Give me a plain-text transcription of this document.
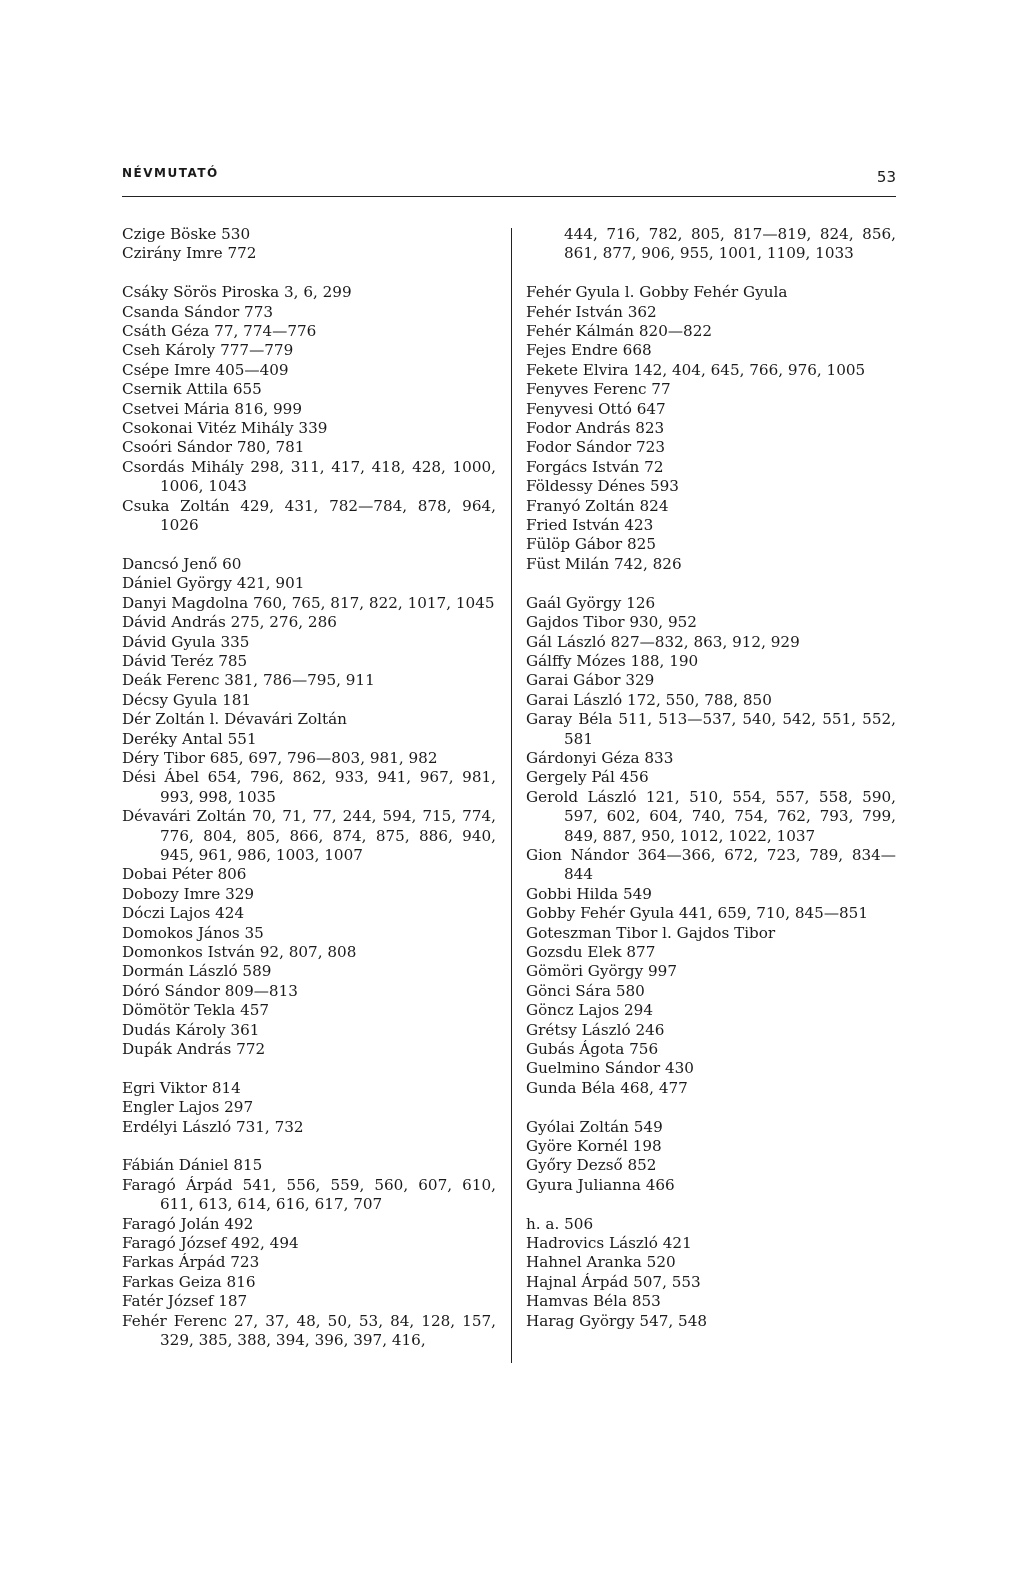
NÉVMUTATÓ	53
Czige Böske 530
Czirány Imre 772
Csáky Sörös Piroska 3, 6, 299
Csanda Sándor 773
Csáth Géza 77, 774—776
Cseh Károly 777—779
Csépe Imre 405—409
Csernik Attila 655
Csetvei Mária 816, 999
Csokonai Vitéz Mihály 339
Csoóri Sándor 780, 781
Csordás Mihály 298, 311, 417, 418, 428, 1000, 1006, 1043
Csuka Zoltán 429, 431, 782—784, 878, 964, 1026
Dancsó Jenő 60
Dániel György 421, 901
Danyi Magdolna 760, 765, 817, 822, 1017, 1045
Dávid András 275, 276, 286
Dávid Gyula 335
Dávid Teréz 785
Deák Ferenc 381, 786—795, 911
Décsy Gyula 181
Dér Zoltán l. Dévavári Zoltán
Deréky Antal 551
Déry Tibor 685, 697, 796—803, 981, 982
Dési Ábel 654, 796, 862, 933, 941, 967, 981, 993, 998, 1035
Dévavári Zoltán 70, 71, 77, 244, 594, 715, 774, 776, 804, 805, 866, 874, 875, 886, 940, 945, 961, 986, 1003, 1007
Dobai Péter 806
Dobozy Imre 329
Dóczi Lajos 424
Domokos János 35
Domonkos István 92, 807, 808
Dormán László 589
Dóró Sándor 809—813
Dömötör Tekla 457
Dudás Károly 361
Dupák András 772
Egri Viktor 814
Engler Lajos 297
Erdélyi László 731, 732
Fábián Dániel 815
Faragó Árpád 541, 556, 559, 560, 607, 610, 611, 613, 614, 616, 617, 707
Faragó Jolán 492
Faragó József 492, 494
Farkas Árpád 723
Farkas Geiza 816
Fatér József 187
Fehér Ferenc 27, 37, 48, 50, 53, 84, 128, 157, 329, 385, 388, 394, 396, 397, 416,
444, 716, 782, 805, 817—819, 824, 856, 861, 877, 906, 955, 1001, 1109, 1033
Fehér Gyula l. Gobby Fehér Gyula
Fehér István 362
Fehér Kálmán 820—822
Fejes Endre 668
Fekete Elvira 142, 404, 645, 766, 976, 1005
Fenyves Ferenc 77
Fenyvesi Ottó 647
Fodor András 823
Fodor Sándor 723
Forgács István 72
Földessy Dénes 593
Franyó Zoltán 824
Fried István 423
Fülöp Gábor 825
Füst Milán 742, 826
Gaál György 126
Gajdos Tibor 930, 952
Gál László 827—832, 863, 912, 929
Gálffy Mózes 188, 190
Garai Gábor 329
Garai László 172, 550, 788, 850
Garay Béla 511, 513—537, 540, 542, 551, 552, 581
Gárdonyi Géza 833
Gergely Pál 456
Gerold László 121, 510, 554, 557, 558, 590, 597, 602, 604, 740, 754, 762, 793, 799, 849, 887, 950, 1012, 1022, 1037
Gion Nándor 364—366, 672, 723, 789, 834—844
Gobbi Hilda 549
Gobby Fehér Gyula 441, 659, 710, 845—851
Goteszman Tibor l. Gajdos Tibor
Gozsdu Elek 877
Gömöri György 997
Gönci Sára 580
Göncz Lajos 294
Grétsy László 246
Gubás Ágota 756
Guelmino Sándor 430
Gunda Béla 468, 477
Gyólai Zoltán 549
Györe Kornél 198
Győry Dezső 852
Gyura Julianna 466
h. a. 506
Hadrovics László 421
Hahnel Aranka 520
Hajnal Árpád 507, 553
Hamvas Béla 853
Harag György 547, 548
